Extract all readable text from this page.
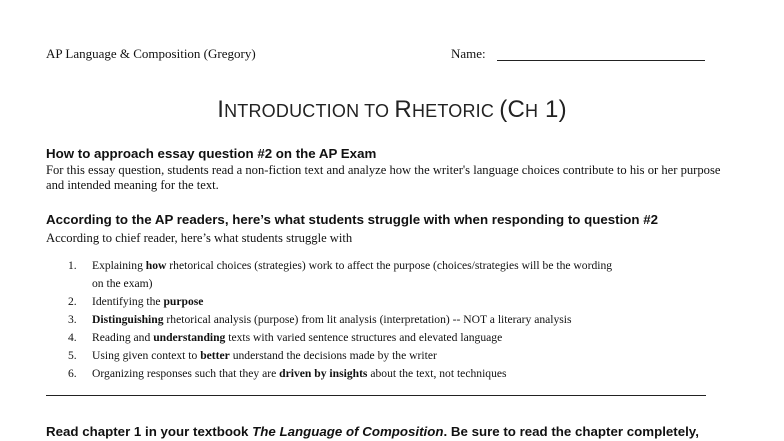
AP Language & Composition (Gregory)	Name:
INTRODUCTION TO RHETORIC (CH 1)
How to approach essay question #2 on the AP Exam
For this essay question, students read a non-fiction text and analyze how the writer's language choices contribute to his or her purpose and intended meaning for the text.
According to the AP readers, here’s what students struggle with when responding to question #2
According to chief reader, here’s what students struggle with
1. Explaining how rhetorical choices (strategies) work to affect the purpose (choices/strategies will be the wording
on the exam)
2. Identifying the purpose
3. Distinguishing rhetorical analysis (purpose) from lit analysis (interpretation) -- NOT a literary analysis
4. Reading and understanding texts with varied sentence structures and elevated language
5. Using given context to better understand the decisions made by the writer
6. Organizing responses such that they are driven by insights about the text, not techniques
Read chapter 1 in your textbook The Language of Composition. Be sure to read the chapter completely,
